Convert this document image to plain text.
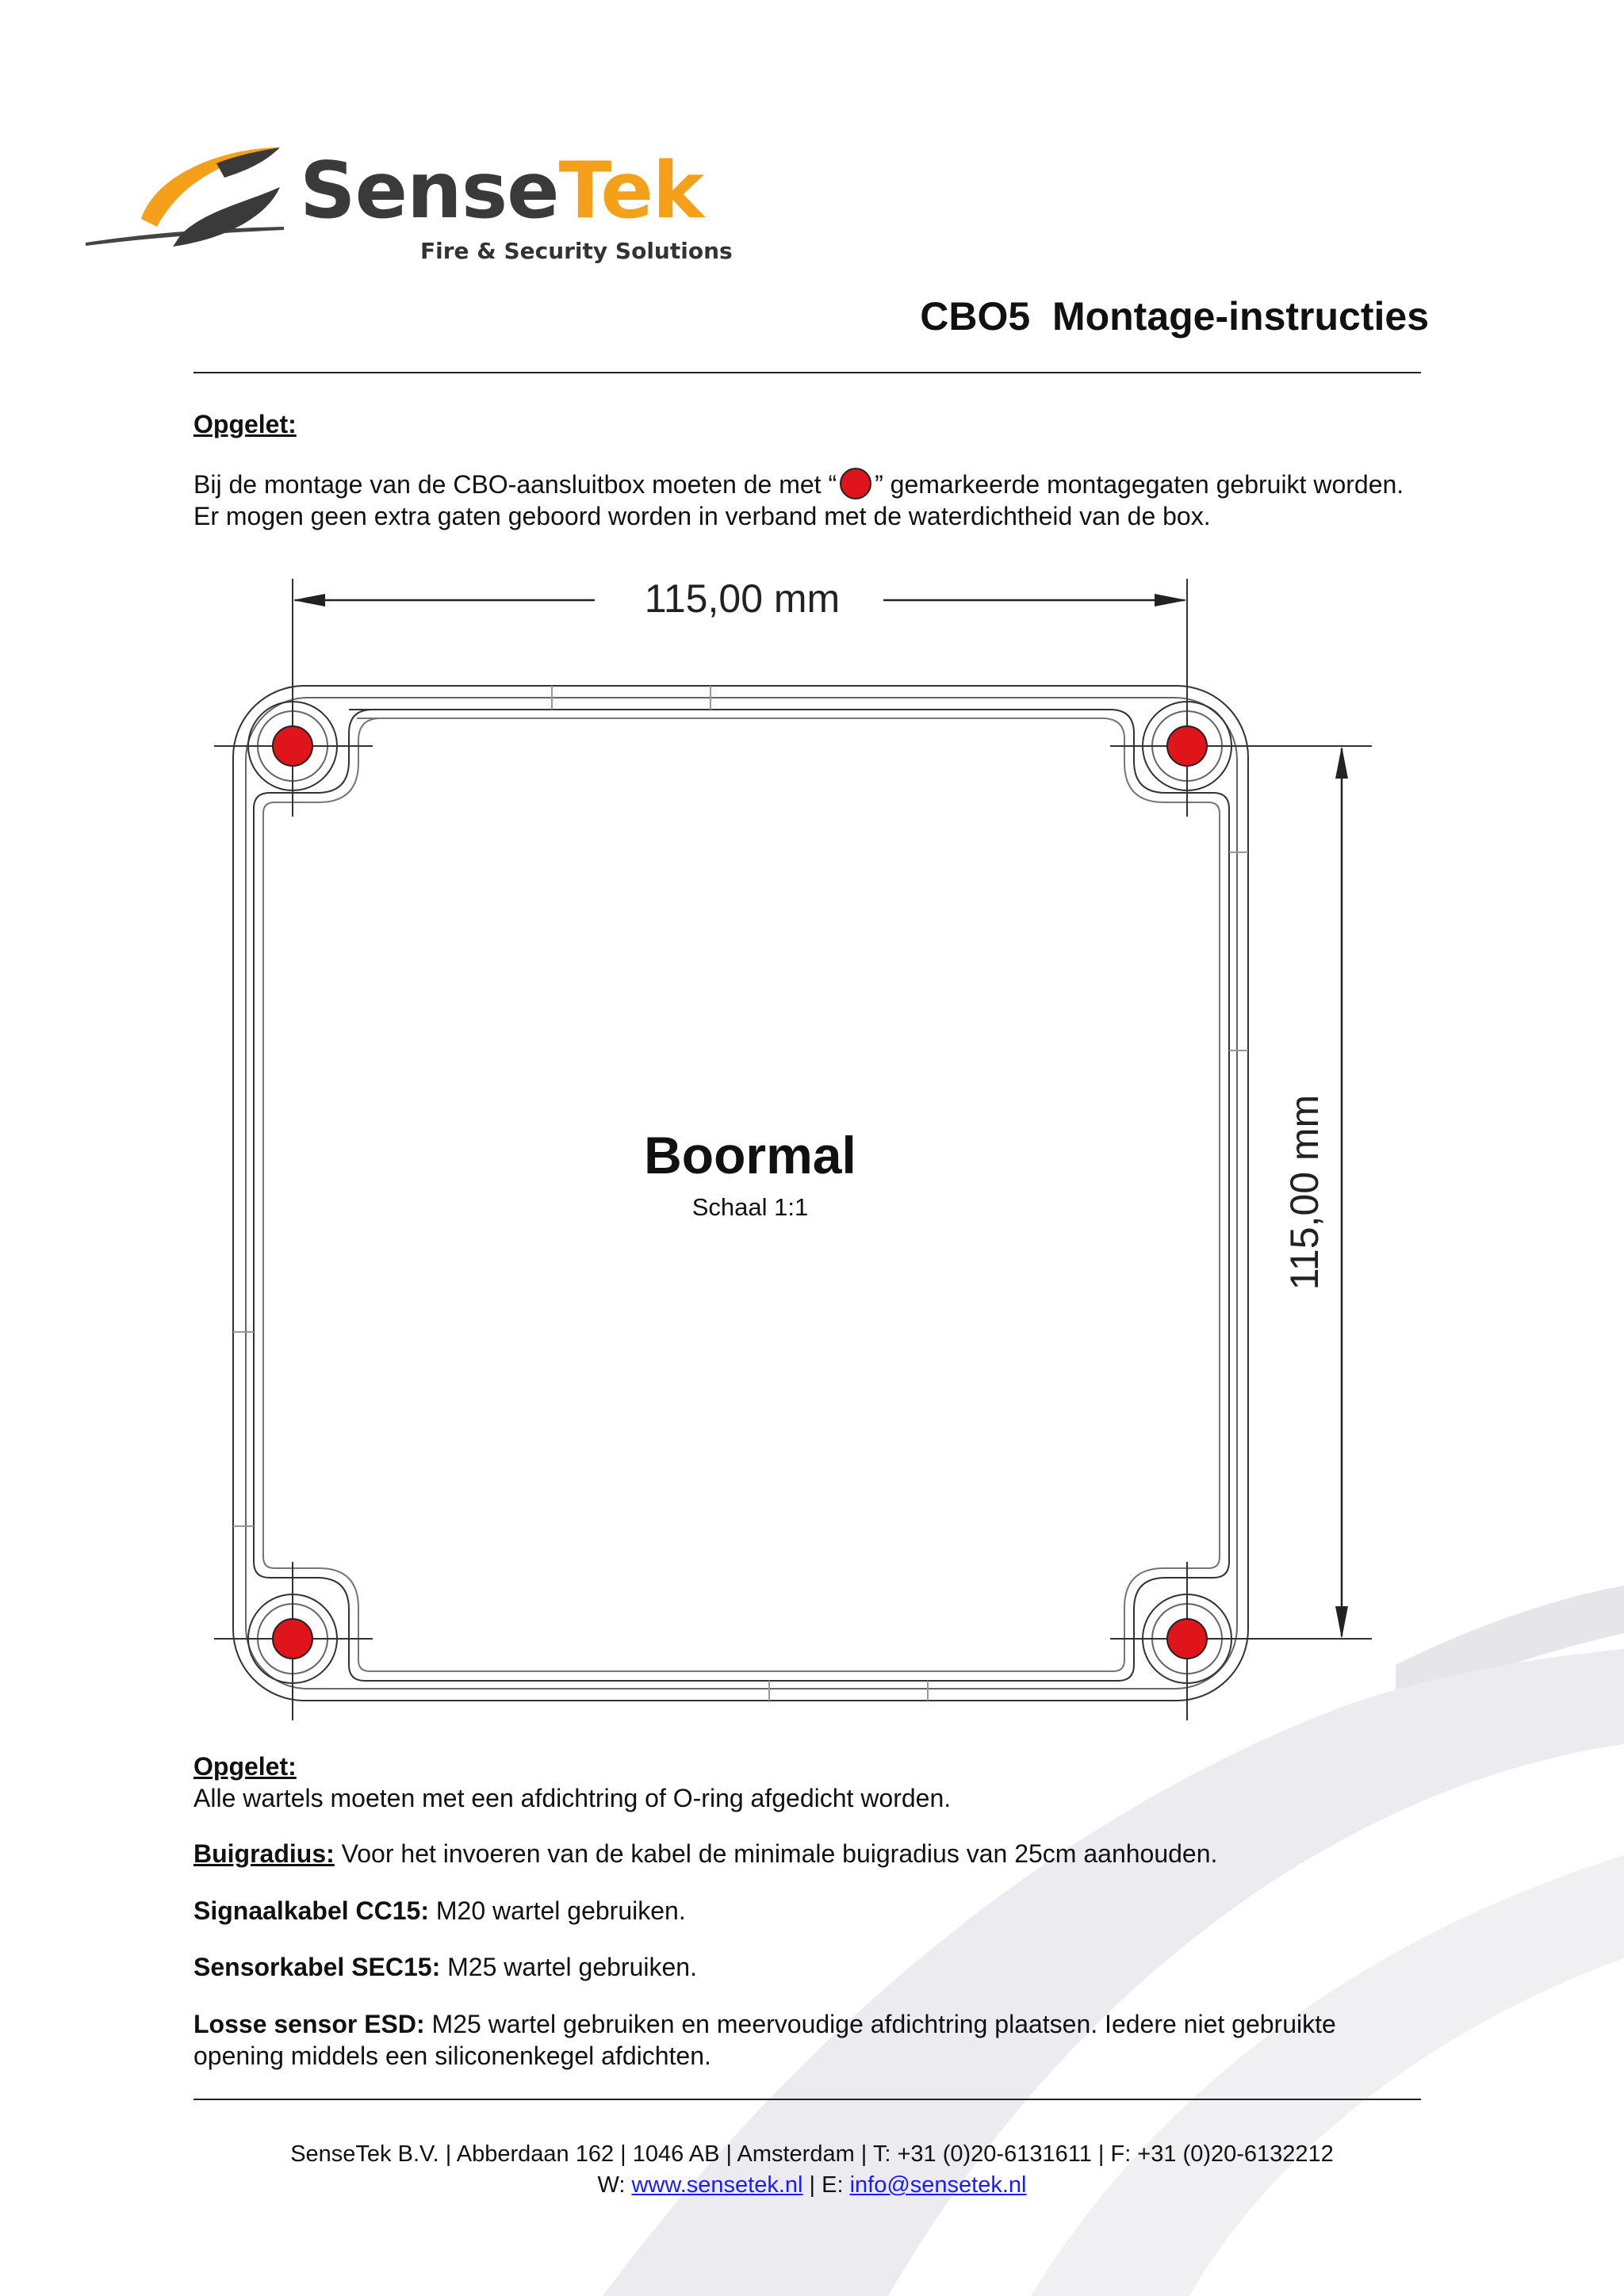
SenseTek
Fire & Security Solutions
CBO5  Montage-instructies
Opgelet:
Bij de montage van de CBO-aansluitbox moeten de met “ ” gemarkeerde montagegaten gebruikt worden. Er mogen geen extra gaten geboord worden in verband met de waterdichtheid van de box.
115,00 mm
115,00 mm
Boormal
Schaal 1:1
Opgelet:
Alle wartels moeten met een afdichtring of O-ring afgedicht worden.
Buigradius: Voor het invoeren van de kabel de minimale buigradius van 25cm aanhouden.
Signaalkabel CC15: M20 wartel gebruiken.
Sensorkabel SEC15: M25 wartel gebruiken.
Losse sensor ESD: M25 wartel gebruiken en meervoudige afdichtring plaatsen. Iedere niet gebruikte opening middels een siliconenkegel afdichten.
SenseTek B.V. | Abberdaan 162 | 1046 AB | Amsterdam | T: +31 (0)20-6131611 | F: +31 (0)20-6132212
W: www.sensetek.nl | E: info@sensetek.nl
